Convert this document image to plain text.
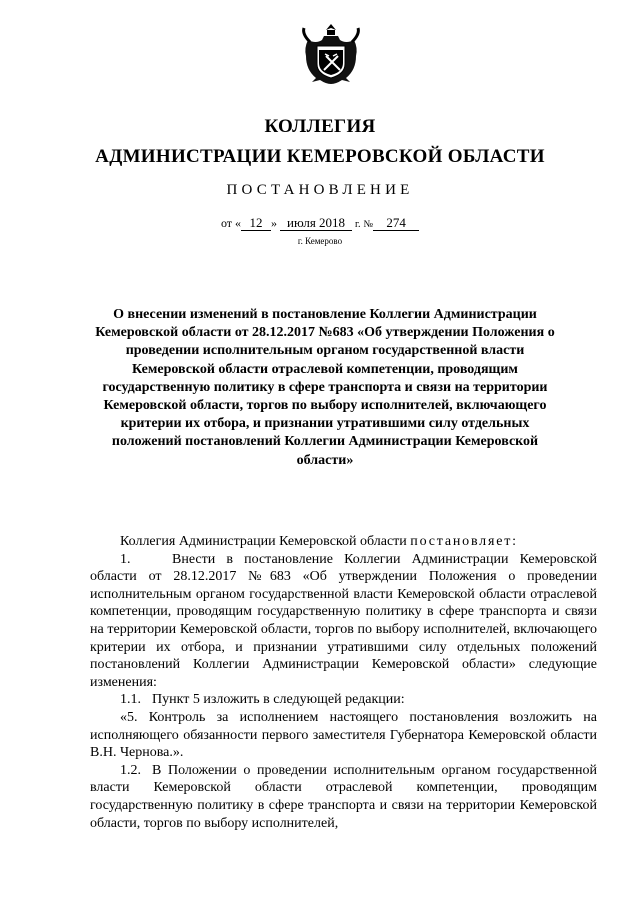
КОЛЛЕГИЯ
АДМИНИСТРАЦИИ КЕМЕРОВСКОЙ ОБЛАСТИ
ПОСТАНОВЛЕНИЕ
от « 12 » июля 2018 г. № 274
г. Кемерово
О внесении изменений в постановление Коллегии Администрации Кемеровской области от 28.12.2017 №683 «Об утверждении Положения о проведении исполнительным органом государственной власти Кемеровской области отраслевой компетенции, проводящим государственную политику в сфере транспорта и связи на территории Кемеровской области, торгов по выбору исполнителей, включающего критерии их отбора, и признании утратившими силу отдельных положений постановлений Коллегии Администрации Кемеровской области»

Коллегия Администрации Кемеровской области постановляет:

1.	Внести в постановление Коллегии Администрации Кемеровской области от 28.12.2017 №683 «Об утверждении Положения о проведении исполнительным органом государственной власти Кемеровской области отраслевой компетенции, проводящим государственную политику в сфере транспорта и связи на территории Кемеровской области, торгов по выбору исполнителей, включающего критерии их отбора, и признании утратившими силу отдельных положений постановлений Коллегии Администрации Кемеровской области» следующие изменения:

1.1. Пункт 5 изложить в следующей редакции:

«5. Контроль за исполнением настоящего постановления возложить на исполняющего обязанности первого заместителя Губернатора Кемеровской области В.Н. Чернова.».

1.2. В Положении о проведении исполнительным органом государственной власти Кемеровской области отраслевой компетенции, проводящим государственную политику в сфере транспорта и связи на территории Кемеровской области, торгов по выбору исполнителей,
